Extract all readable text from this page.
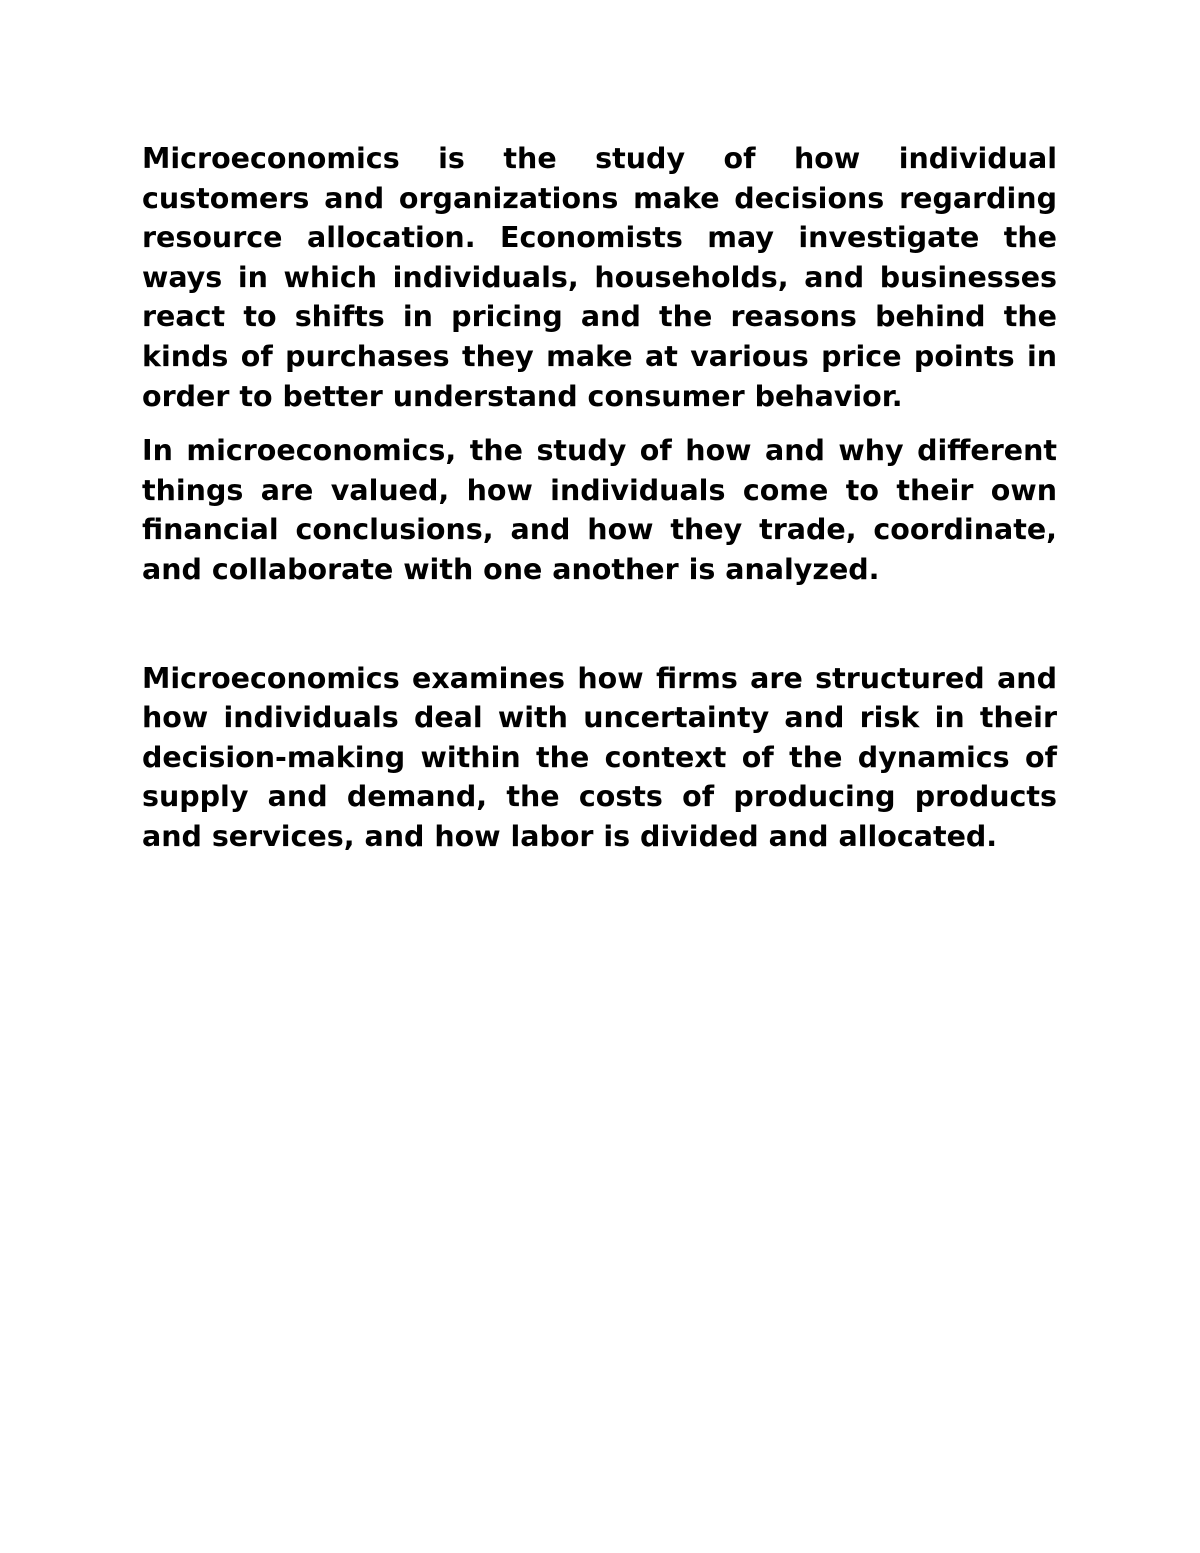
Microeconomics is the study of how individual customers and organizations make decisions regarding resource allocation. Economists may investigate the ways in which individuals, households, and businesses react to shifts in pricing and the reasons behind the kinds of purchases they make at various price points in order to better understand consumer behavior.

In microeconomics, the study of how and why different things are valued, how individuals come to their own financial conclusions, and how they trade, coordinate, and collaborate with one another is analyzed.

Microeconomics examines how firms are structured and how individuals deal with uncertainty and risk in their decision-making within the context of the dynamics of supply and demand, the costs of producing products and services, and how labor is divided and allocated.
